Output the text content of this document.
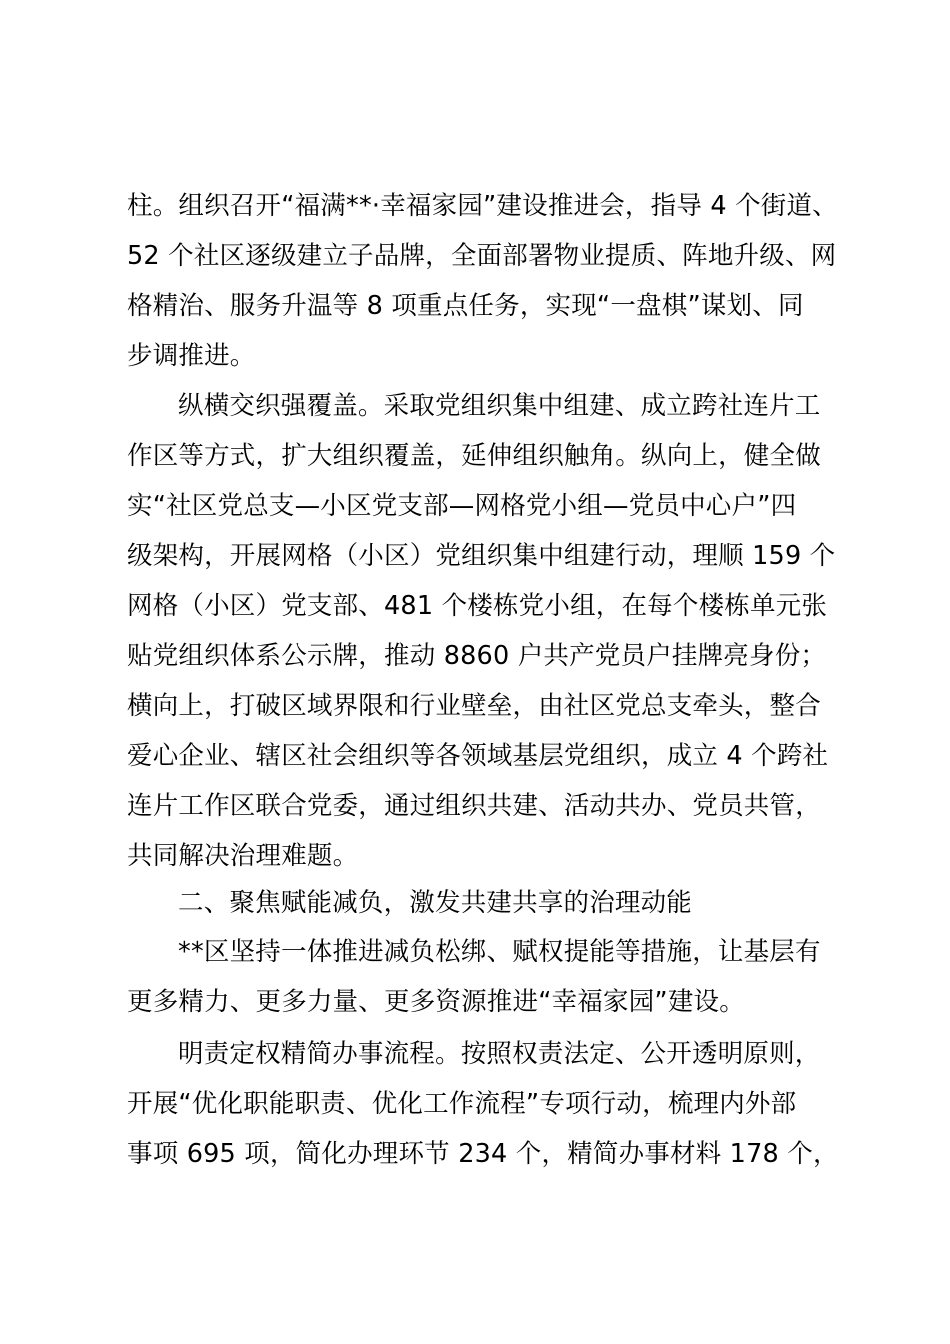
柱。组织召开“福满**·幸福家园”建设推进会，指导 4 个街道、
52 个社区逐级建立子品牌，全面部署物业提质、阵地升级、网
格精治、服务升温等 8 项重点任务，实现“一盘棋”谋划、同
步调推进。
纵横交织强覆盖。采取党组织集中组建、成立跨社连片工
作区等方式，扩大组织覆盖，延伸组织触角。纵向上，健全做
实“社区党总支—小区党支部—网格党小组—党员中心户”四
级架构，开展网格（小区）党组织集中组建行动，理顺 159 个
网格（小区）党支部、481 个楼栋党小组，在每个楼栋单元张
贴党组织体系公示牌，推动 8860 户共产党员户挂牌亮身份；
横向上，打破区域界限和行业壁垒，由社区党总支牵头，整合
爱心企业、辖区社会组织等各领域基层党组织，成立 4 个跨社
连片工作区联合党委，通过组织共建、活动共办、党员共管，
共同解决治理难题。
二、聚焦赋能减负，激发共建共享的治理动能
**区坚持一体推进减负松绑、赋权提能等措施，让基层有
更多精力、更多力量、更多资源推进“幸福家园”建设。
明责定权精简办事流程。按照权责法定、公开透明原则，
开展“优化职能职责、优化工作流程”专项行动，梳理内外部
事项 695 项，简化办理环节 234 个，精简办事材料 178 个，
